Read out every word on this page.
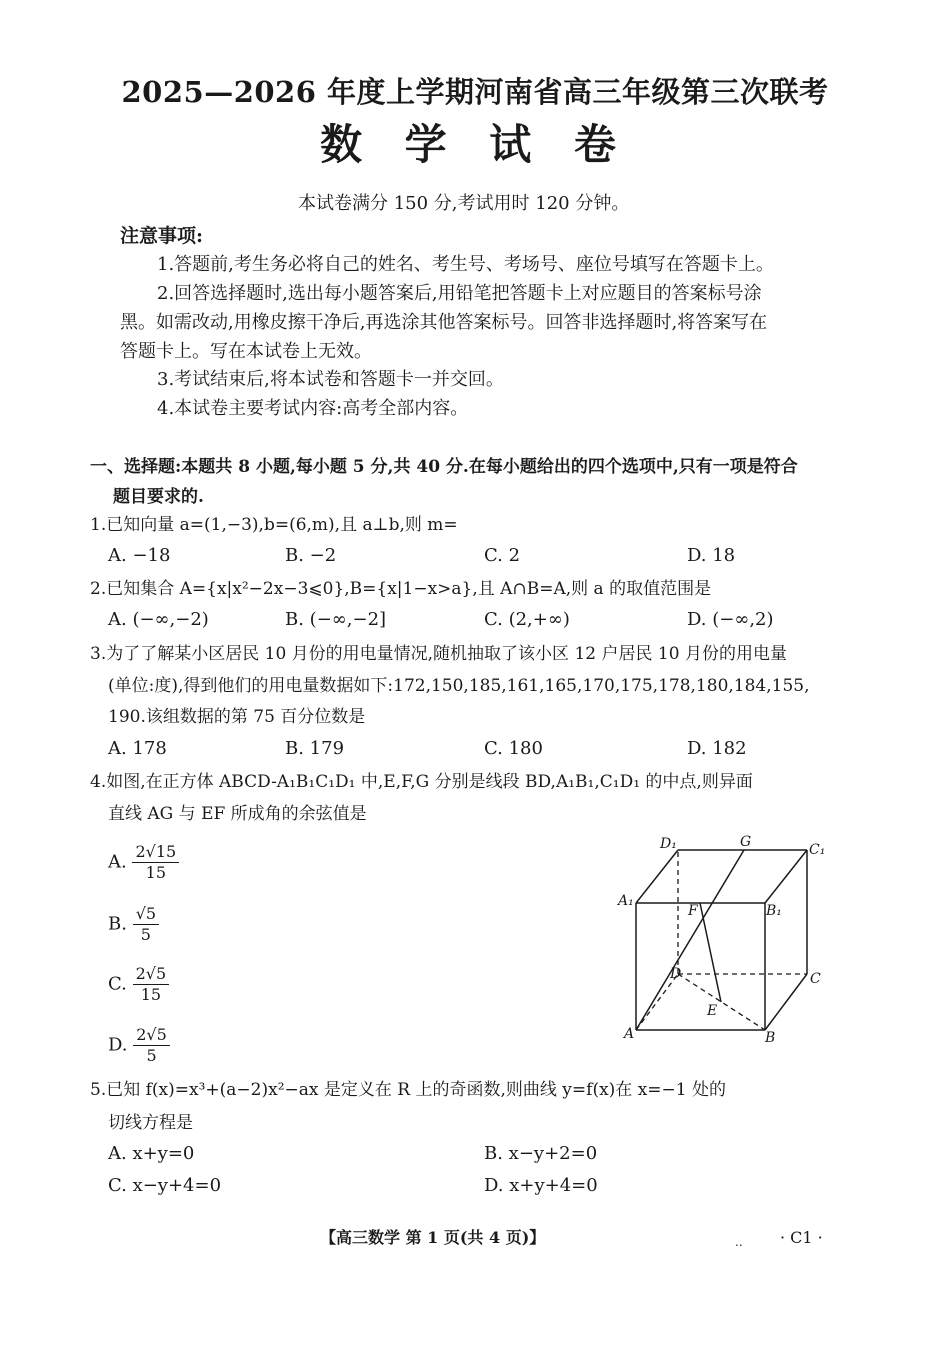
2025—2026 年度上学期河南省高三年级第三次联考
数 学 试 卷
本试卷满分 150 分,考试用时 120 分钟。
注意事项:
1.答题前,考生务必将自己的姓名、考生号、考场号、座位号填写在答题卡上。
2.回答选择题时,选出每小题答案后,用铅笔把答题卡上对应题目的答案标号涂
黑。如需改动,用橡皮擦干净后,再选涂其他答案标号。回答非选择题时,将答案写在
答题卡上。写在本试卷上无效。
3.考试结束后,将本试卷和答题卡一并交回。
4.本试卷主要考试内容:高考全部内容。
一、选择题:本题共 8 小题,每小题 5 分,共 40 分.在每小题给出的四个选项中,只有一项是符合
题目要求的.
1.已知向量 a=(1,−3),b=(6,m),且 a⊥b,则 m=
A. −18	B. −2	C. 2	D. 18
2.已知集合 A={x|x²−2x−3⩽0},B={x|1−x>a},且 A∩B=A,则 a 的取值范围是
A. (−∞,−2)	B. (−∞,−2]	C. (2,+∞)	D. (−∞,2)
3.为了了解某小区居民 10 月份的用电量情况,随机抽取了该小区 12 户居民 10 月份的用电量
(单位:度),得到他们的用电量数据如下:172,150,185,161,165,170,175,178,180,184,155,
190.该组数据的第 75 百分位数是
A. 178	B. 179	C. 180	D. 182
4.如图,在正方体 ABCD-A₁B₁C₁D₁ 中,E,F,G 分别是线段 BD,A₁B₁,C₁D₁ 的中点,则异面
直线 AG 与 EF 所成角的余弦值是
A. $\frac{2√15}{15}$
B. $\frac{√5}{5}$
C. $\frac{2√5}{15}$
D. $\frac{2√5}{5}$
D₁	G	C₁
A₁
F	B₁
D	C
E
A	B
5.已知 f(x)=x³+(a−2)x²−ax 是定义在 R 上的奇函数,则曲线 y=f(x)在 x=−1 处的
切线方程是
A. x+y=0	B. x−y+2=0
C. x−y+4=0	D. x+y+4=0
【高三数学 第 1 页(共 4 页)】	.. · C1 ·
